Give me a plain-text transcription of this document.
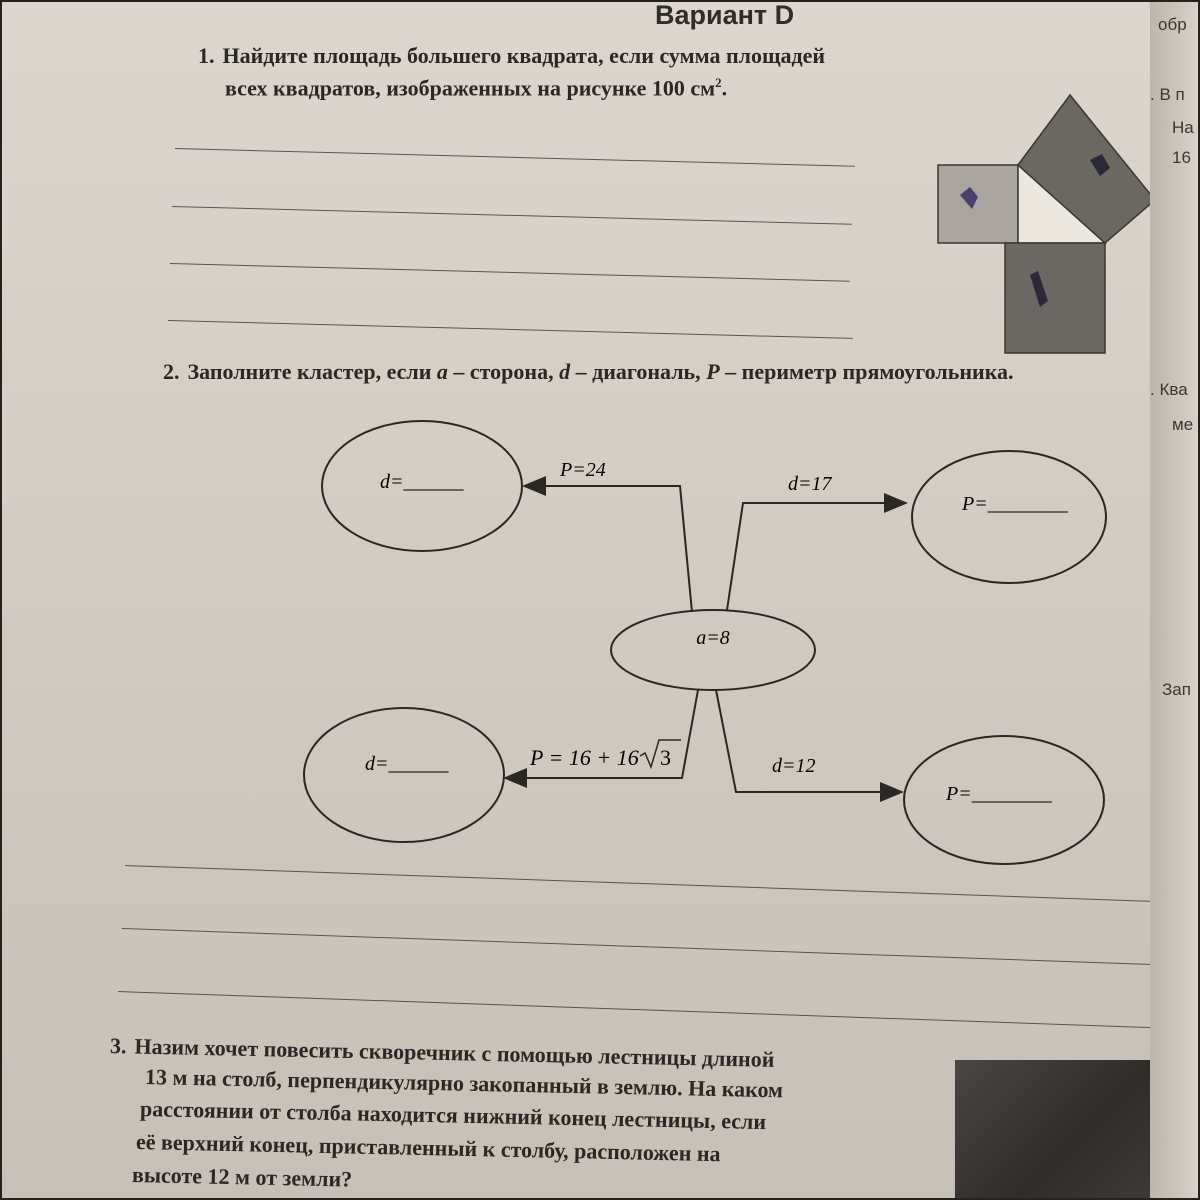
Вариант D
1. Найдите площадь большего квадрата, если сумма площадей
всех квадратов, изображенных на рисунке 100 $см^2$.
2. Заполните кластер, если a – сторона, d – диагональ, P – периметр прямоугольника.
a=8
d=______
P=________
d=______
P=________
P=24
d=17
P = 16 + 16 3	d=12
3. Назим хочет повесить скворечник с помощью лестницы длиной
13 м на столб, перпендикулярно закопанный в землю. На каком
расстоянии от столба находится нижний конец лестницы, если
её верхний конец, приставленный к столбу, расположен на
высоте 12 м от земли?
обр
. В п
На
16
. Ква
ме
Зап
